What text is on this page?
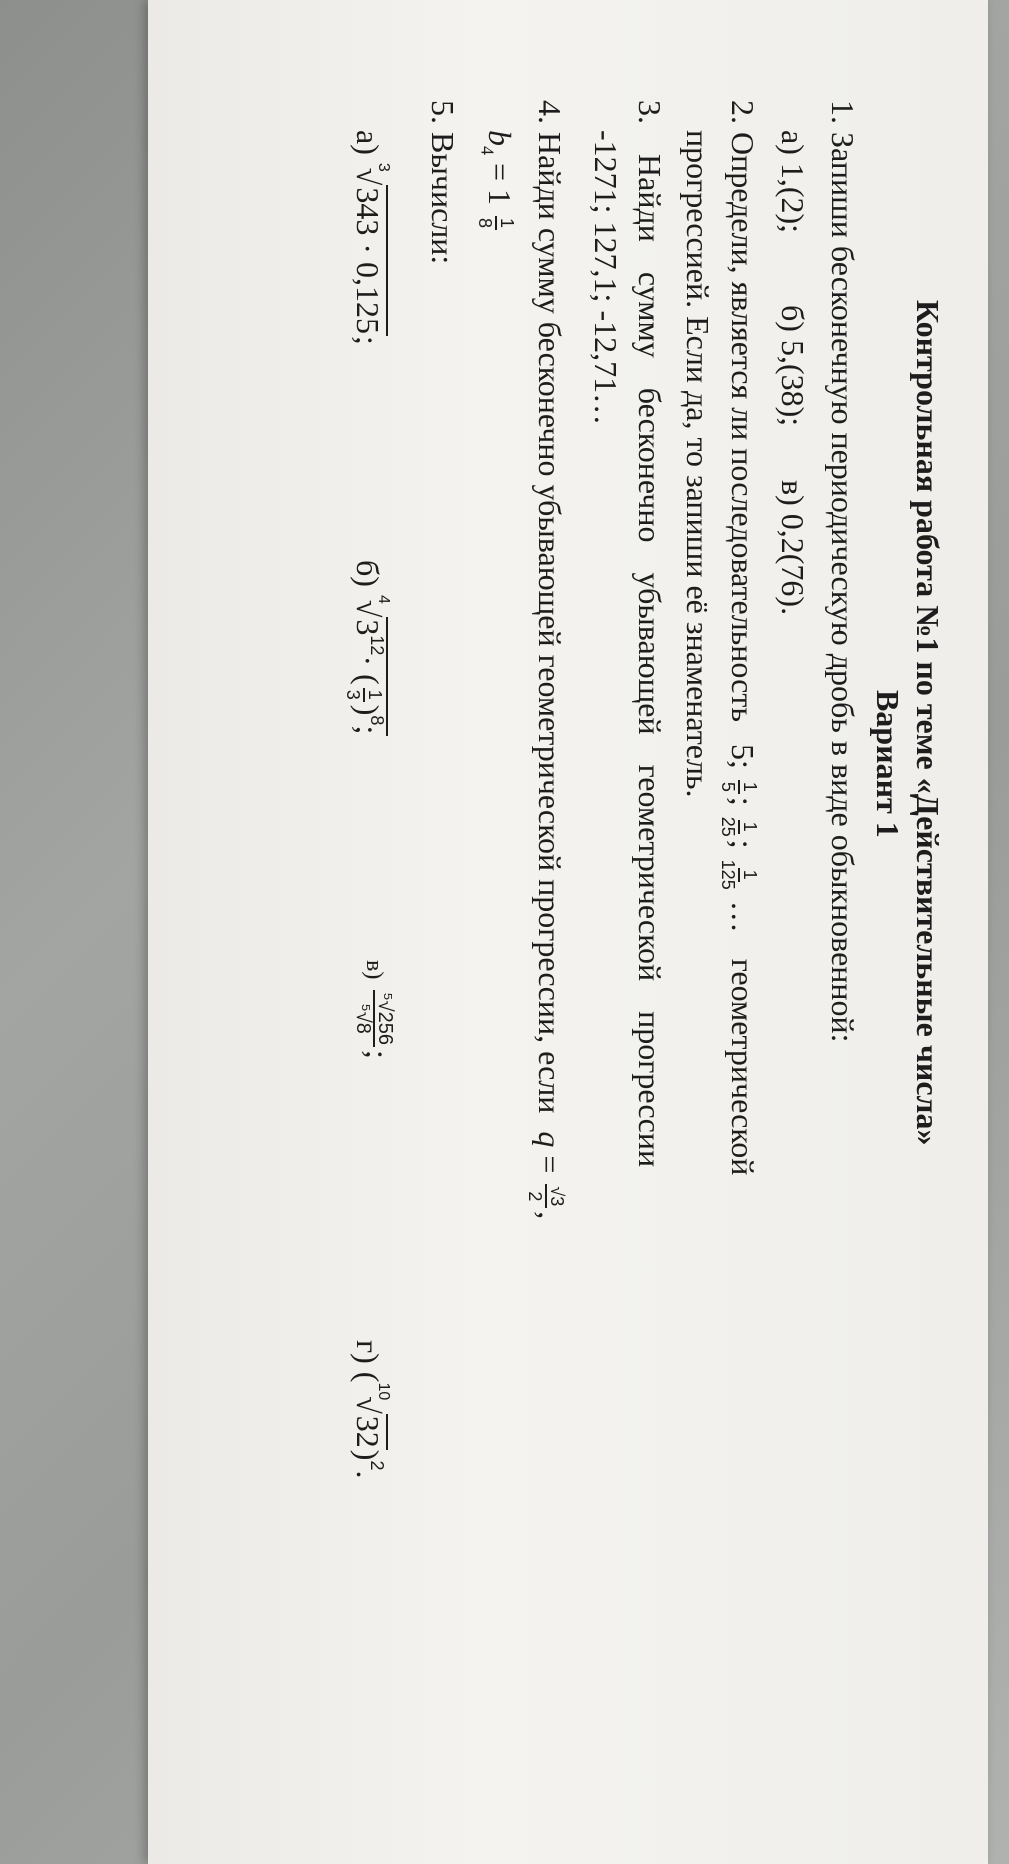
Контрольная работа №1 по теме «Действительные числа»
Вариант 1
1. Запиши бесконечную периодическую дробь в виде обыкновенной:
а) 1,(2);
б) 5,(38);
в) 0,2(76).
2. Определи, является ли последовательность 5;
1
5
;
1
25
;
1
125
… геометрической
прогрессией. Если да, то запиши её знаменатель.
3. Найди сумму бесконечно убывающей геометрической прогрессии
-1271; 127,1; -12,71…
4. Найди сумму бесконечно убывающей геометрической прогрессии, если q =
√3
2
,
$b_4 = 1$
1
8
5. Вычисли:
а) $^3$√343 · 0,125;
б) $^4√3^{12}\cdot$ (
1
3
)$^8$;
в)
⁵√256
⁵√8
;
г) $(^{10}√32)^2$.
